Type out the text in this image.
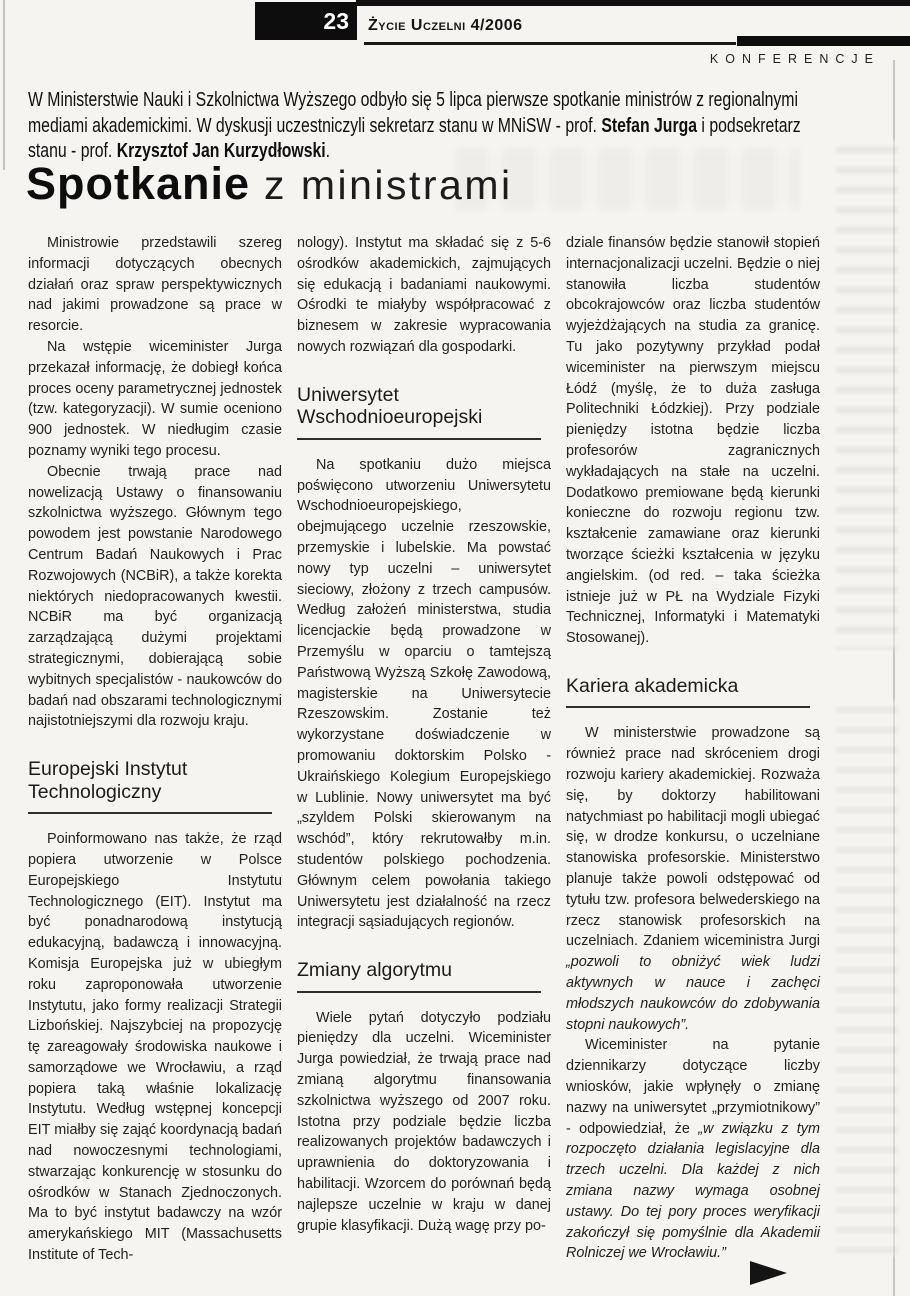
23	Życie Uczelni 4/2006
KONFERENCJE
W Ministerstwie Nauki i Szkolnictwa Wyższego odbyło się 5 lipca pierwsze spotkanie ministrów z regionalnymi mediami akademickimi. W dyskusji uczestniczyli sekretarz stanu w MNiSW - prof. Stefan Jurga i podsekretarz stanu - prof. Krzysztof Jan Kurzydłowski.
Spotkanie z ministrami

Ministrowie przedstawili szereg informacji dotyczących obecnych działań oraz spraw perspektywicznych nad jakimi prowadzone są prace w resorcie.

Na wstępie wiceminister Jurga przekazał informację, że dobiegł końca proces oceny parametrycznej jednostek (tzw. kategoryzacji). W sumie oceniono 900 jednostek. W niedługim czasie poznamy wyniki tego procesu.

Obecnie trwają prace nad nowelizacją Ustawy o finansowaniu szkolnictwa wyższego. Głównym tego powodem jest powstanie Narodowego Centrum Badań Naukowych i Prac Rozwojowych (NCBiR), a także korekta niektórych niedopracowanych kwestii. NCBiR ma być organizacją zarządzającą dużymi projektami strategicznymi, dobierającą sobie wybitnych specjalistów - naukowców do badań nad obszarami technologicznymi najistotniejszymi dla rozwoju kraju.

Europejski Instytut Technologiczny

Poinformowano nas także, że rząd popiera utworzenie w Polsce Europejskiego Instytutu Technologicznego (EIT). Instytut ma być ponadnarodową instytucją edukacyjną, badawczą i innowacyjną. Komisja Europejska już w ubiegłym roku zaproponowała utworzenie Instytutu, jako formy realizacji Strategii Lizbońskiej. Najszybciej na propozycję tę zareagowały środowiska naukowe i samorządowe we Wrocławiu, a rząd popiera taką właśnie lokalizację Instytutu. Według wstępnej koncepcji EIT miałby się zająć koordynacją badań nad nowoczesnymi technologiami, stwarzając konkurencję w stosunku do ośrodków w Stanach Zjednoczonych. Ma to być instytut badawczy na wzór amerykańskiego MIT (Massachusetts Institute of Tech-

nology). Instytut ma składać się z 5-6 ośrodków akademickich, zajmujących się edukacją i badaniami naukowymi. Ośrodki te miałyby współpracować z biznesem w zakresie wypracowania nowych rozwiązań dla gospodarki.

Uniwersytet Wschodnioeuropejski

Na spotkaniu dużo miejsca poświęcono utworzeniu Uniwersytetu Wschodnioeuropejskiego, obejmującego uczelnie rzeszowskie, przemyskie i lubelskie. Ma powstać nowy typ uczelni – uniwersytet sieciowy, złożony z trzech campusów. Według założeń ministerstwa, studia licencjackie będą prowadzone w Przemyślu w oparciu o tamtejszą Państwową Wyższą Szkołę Zawodową, magisterskie na Uniwersytecie Rzeszowskim. Zostanie też wykorzystane doświadczenie w promowaniu doktorskim Polsko - Ukraińskiego Kolegium Europejskiego w Lublinie. Nowy uniwersytet ma być „szyldem Polski skierowanym na wschód”, który rekrutowałby m.in. studentów polskiego pochodzenia. Głównym celem powołania takiego Uniwersytetu jest działalność na rzecz integracji sąsiadujących regionów.

Zmiany algorytmu

Wiele pytań dotyczyło podziału pieniędzy dla uczelni. Wiceminister Jurga powiedział, że trwają prace nad zmianą algorytmu finansowania szkolnictwa wyższego od 2007 roku. Istotna przy podziale będzie liczba realizowanych projektów badawczych i uprawnienia do doktoryzowania i habilitacji. Wzorcem do porównań będą najlepsze uczelnie w kraju w danej grupie klasyfikacji. Dużą wagę przy po-

dziale finansów będzie stanowił stopień internacjonalizacji uczelni. Będzie o niej stanowiła liczba studentów obcokrajowców oraz liczba studentów wyjeżdżających na studia za granicę. Tu jako pozytywny przykład podał wiceminister na pierwszym miejscu Łódź (myślę, że to duża zasługa Politechniki Łódzkiej). Przy podziale pieniędzy istotna będzie liczba profesorów zagranicznych wykładających na stałe na uczelni. Dodatkowo premiowane będą kierunki konieczne do rozwoju regionu tzw. kształcenie zamawiane oraz kierunki tworzące ścieżki kształcenia w języku angielskim. (od red. – taka ścieżka istnieje już w PŁ na Wydziale Fizyki Technicznej, Informatyki i Matematyki Stosowanej).

Kariera akademicka

W ministerstwie prowadzone są również prace nad skróceniem drogi rozwoju kariery akademickiej. Rozważa się, by doktorzy habilitowani natychmiast po habilitacji mogli ubiegać się, w drodze konkursu, o uczelniane stanowiska profesorskie. Ministerstwo planuje także powoli odstępować od tytułu tzw. profesora belwederskiego na rzecz stanowisk profesorskich na uczelniach. Zdaniem wiceministra Jurgi „pozwoli to obniżyć wiek ludzi aktywnych w nauce i zachęci młodszych naukowców do zdobywania stopni naukowych”.

Wiceminister na pytanie dziennikarzy dotyczące liczby wniosków, jakie wpłynęły o zmianę nazwy na uniwersytet „przymiotnikowy” - odpowiedział, że „w związku z tym rozpoczęto działania legislacyjne dla trzech uczelni. Dla każdej z nich zmiana nazwy wymaga osobnej ustawy. Do tej pory proces weryfikacji zakończył się pomyślnie dla Akademii Rolniczej we Wrocławiu.”
